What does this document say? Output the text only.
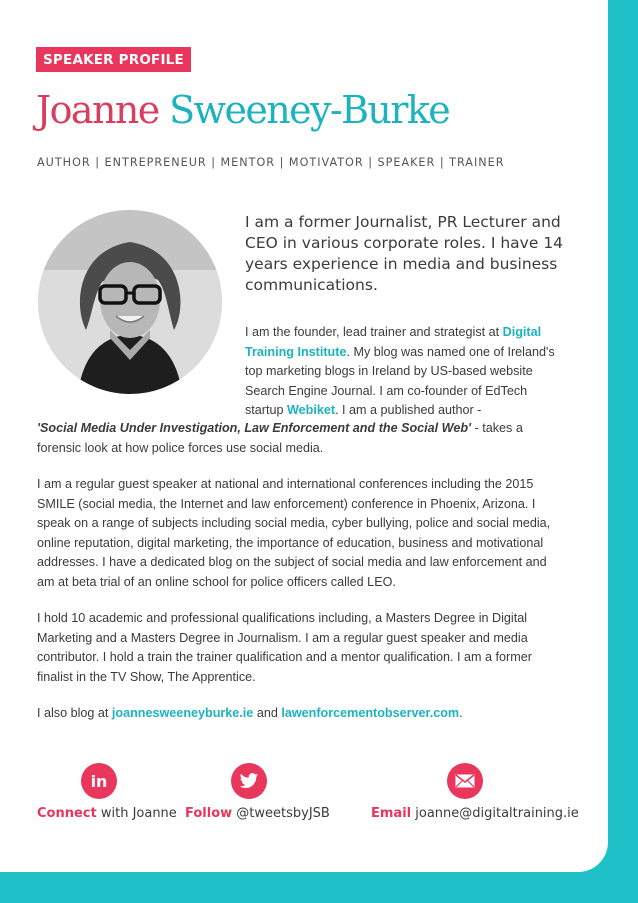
SPEAKER PROFILE
Joanne Sweeney-Burke
AUTHOR | ENTREPRENEUR | MENTOR | MOTIVATOR | SPEAKER | TRAINER

I am a former Journalist, PR Lecturer and CEO in various corporate roles. I have 14 years experience in media and business communications.

I am the founder, lead trainer and strategist at Digital Training Institute. My blog was named one of Ireland's top marketing blogs in Ireland by US-based website Search Engine Journal. I am co-founder of EdTech startup Webiket. I am a published author -

'Social Media Under Investigation, Law Enforcement and the Social Web' - takes a forensic look at how police forces use social media.

I am a regular guest speaker at national and international conferences including the 2015 SMILE (social media, the Internet and law enforcement) conference in Phoenix, Arizona. I speak on a range of subjects including social media, cyber bullying, police and social media, online reputation, digital marketing, the importance of education, business and motivational addresses. I have a dedicated blog on the subject of social media and law enforcement and am at beta trial of an online school for police officers called LEO.

I hold 10 academic and professional qualifications including, a Masters Degree in Digital Marketing and a Masters Degree in Journalism. I am a regular guest speaker and media contributor. I hold a train the trainer qualification and a mentor qualification. I am a former finalist in the TV Show, The Apprentice.

I also blog at joannesweeneyburke.ie and lawenforcementobserver.com.

in
Connect with Joanne Follow @tweetsbyJSB	Email joanne@digitaltraining.ie
